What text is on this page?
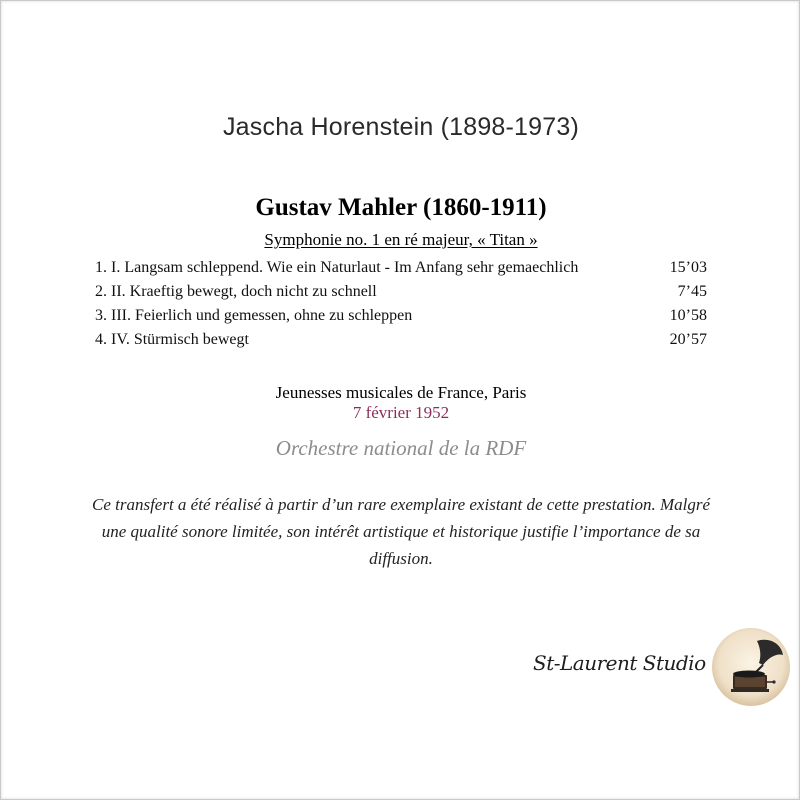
Jascha Horenstein (1898-1973)
Gustav Mahler (1860-1911)
Symphonie no. 1 en ré majeur, « Titan »
1. I. Langsam schleppend. Wie ein Naturlaut - Im Anfang sehr gemaechlich	15’03
2. II. Kraeftig bewegt, doch nicht zu schnell	7’45
3. III. Feierlich und gemessen, ohne zu schleppen	10’58
4. IV. Stürmisch bewegt	20’57
Jeunesses musicales de France, Paris
7 février 1952
Orchestre national de la RDF
Ce transfert a été réalisé à partir d’un rare exemplaire existant de cette prestation. Malgré une qualité sonore limitée, son intérêt artistique et historique justifie l’importance de sa diffusion.
St-Laurent Studio
